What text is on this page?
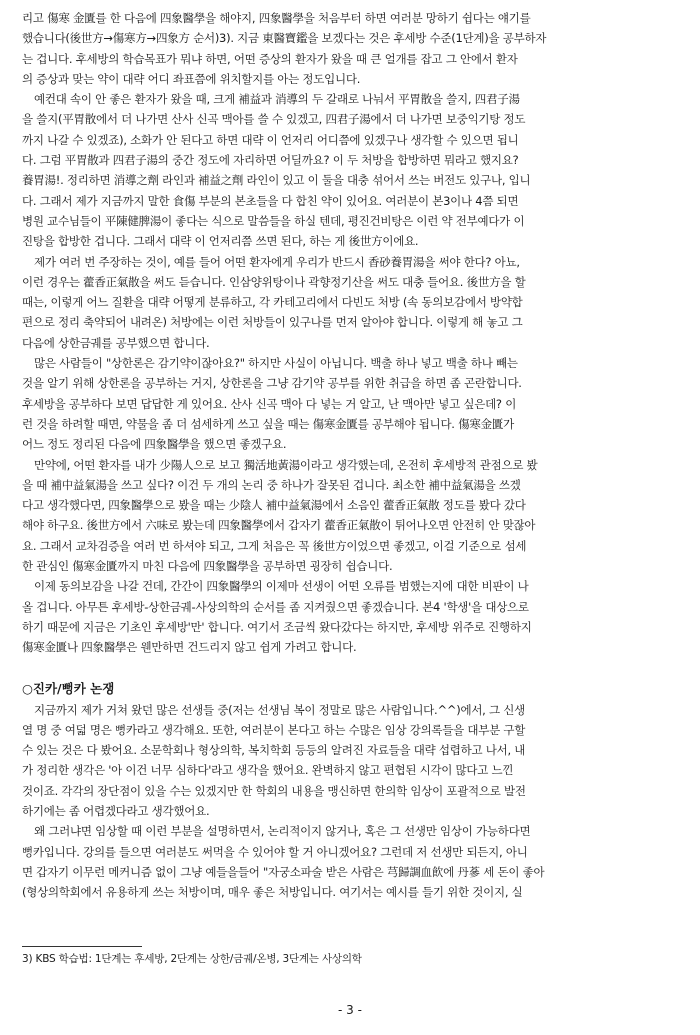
리고 傷寒 金匱를 한 다음에 四象醫學을 해야지, 四象醫學을 처음부터 하면 여러분 망하기 쉽다는 얘기를

했습니다(後世方→傷寒方→四象方 순서)3). 지금 東醫寶鑑을 보겠다는 것은 후세방 수준(1단계)을 공부하자

는 겁니다. 후세방의 학습목표가 뭐냐 하면, 어떤 증상의 환자가 왔을 때 큰 얼개를 잡고 그 안에서 환자

의 증상과 맞는 약이 대략 어디 좌표쯤에 위치할지를 아는 정도입니다.

예컨대 속이 안 좋은 환자가 왔을 때, 크게 補益과 消導의 두 갈래로 나눠서 平胃散을 쓸지, 四君子湯

을 쓸지(平胃散에서 더 나가면 산사 신곡 맥아를 쓸 수 있겠고, 四君子湯에서 더 나가면 보중익기탕 정도

까지 나갈 수 있겠죠), 소화가 안 된다고 하면 대략 이 언저리 어디쯤에 있겠구나 생각할 수 있으면 됩니

다. 그럼 平胃散과 四君子湯의 중간 정도에 자리하면 어딜까요? 이 두 처방을 합방하면 뭐라고 했지요?

養胃湯!. 정리하면 消導之劑 라인과 補益之劑 라인이 있고 이 둘을 대충 섞어서 쓰는 버전도 있구나, 입니

다. 그래서 제가 지금까지 말한 食傷 부분의 본초들을 다 합친 약이 있어요. 여러분이 본3이나 4쯤 되면

병원 교수님들이 平陳健脾湯이 좋다는 식으로 말씀들을 하실 텐데, 평진건비탕은 이런 약 전부예다가 이

진탕을 합방한 겁니다. 그래서 대략 이 언저리쯤 쓰면 된다, 하는 게 後世方이에요.

제가 여러 번 주장하는 것이, 예를 들어 어떤 환자에게 우리가 반드시 香砂養胃湯을 써야 한다? 아뇨,

이런 경우는 藿香正氣散을 써도 듣습니다. 인삼양위탕이나 곽향정기산을 써도 대충 들어요. 後世方을 할

때는, 이렇게 어느 질환을 대략 어떻게 분류하고, 각 카테고리에서 다빈도 처방 (속 동의보감에서 방약합

편으로 정리 축약되어 내려온) 처방에는 이런 처방들이 있구나를 먼저 알아야 합니다. 이렇게 해 놓고 그

다음에 상한금궤를 공부했으면 합니다.

많은 사람들이 "상한론은 감기약이잖아요?" 하지만 사실이 아닙니다. 백출 하나 넣고 백출 하나 빼는

것을 알기 위해 상한론을 공부하는 거지, 상한론을 그냥 감기약 공부를 위한 취급을 하면 좀 곤란합니다.

후세방을 공부하다 보면 답답한 게 있어요. 산사 신곡 맥아 다 넣는 거 알고, 난 맥아만 넣고 싶은데? 이

런 것을 하려할 때면, 약물을 좀 더 섬세하게 쓰고 싶을 때는 傷寒金匱를 공부해야 됩니다. 傷寒金匱가

어느 정도 정리된 다음에 四象醫學을 했으면 좋겠구요.

만약에, 어떤 환자를 내가 少陽人으로 보고 獨活地黃湯이라고 생각했는데, 온전히 후세방적 관점으로 봤

을 때 補中益氣湯을 쓰고 싶다? 이건 두 개의 논리 중 하나가 잘못된 겁니다. 최소한 補中益氣湯을 쓰겠

다고 생각했다면, 四象醫學으로 봤을 때는 少陰人 補中益氣湯에서 소음인 藿香正氣散 정도를 봤다 갔다

해야 하구요. 後世方에서 六味로 봤는데 四象醫學에서 갑자기 藿香正氣散이 튀어나오면 안전히 안 맞잖아

요. 그래서 교차검증을 여러 번 하셔야 되고, 그게 처음은 꼭 後世方이었으면 좋겠고, 이걸 기준으로 섬세

한 관심인 傷寒金匱까지 마친 다음에 四象醫學을 공부하면 굉장히 쉽습니다.

이제 동의보감을 나갈 건데, 간간이 四象醫學의 이제마 선생이 어떤 오류를 범했는지에 대한 비판이 나

올 겁니다. 아무튼 후세방-상한금궤-사상의학의 순서를 좀 지켜줬으면 좋겠습니다. 본4 '학생'을 대상으로

하기 때문에 지금은 기초인 후세방'만' 합니다. 여기서 조금씩 왔다갔다는 하지만, 후세방 위주로 진행하지

傷寒金匱나 四象醫學은 웬만하면 건드리지 않고 쉽게 가려고 합니다.

○진카/뻥카 논쟁

지금까지 제가 거쳐 왔던 많은 선생들 중(저는 선생님 복이 정말로 많은 사람입니다.^^)에서, 그 신생

열 명 중 여덟 명은 뻥카라고 생각해요. 또한, 여러분이 본다고 하는 수많은 임상 강의록들을 대부분 구할

수 있는 것은 다 봤어요. 소문학회나 형상의학, 복치학회 등등의 알려진 자료들을 대략 섭렵하고 나서, 내

가 정리한 생각은 '아 이건 너무 심하다'라고 생각을 했어요. 완벽하지 않고 편협된 시각이 많다고 느낀

것이죠. 각각의 장단점이 있을 수는 있겠지만 한 학회의 내용을 맹신하면 한의학 임상이 포괄적으로 발전

하기에는 좀 어렵겠다라고 생각했어요.

왜 그러냐면 임상할 때 이런 부분을 설명하면서, 논리적이지 않거나, 혹은 그 선생만 임상이 가능하다면

뻥카입니다. 강의를 들으면 여러분도 써먹을 수 있어야 할 거 아니겠어요? 그런데 저 선생만 되든지, 아니

면 갑자기 이무런 메커니즘 없이 그냥 예들을들어 "자궁소파술 받은 사람은 芎歸調血飮에 丹蔘 세 돈이 좋아

(형상의학회에서 유용하게 쓰는 처방이며, 매우 좋은 처방입니다. 여기서는 예시를 들기 위한 것이지, 실

3) KBS 학습법: 1단계는 후세방, 2단계는 상한/금궤/온병, 3단계는 사상의학
- 3 -
